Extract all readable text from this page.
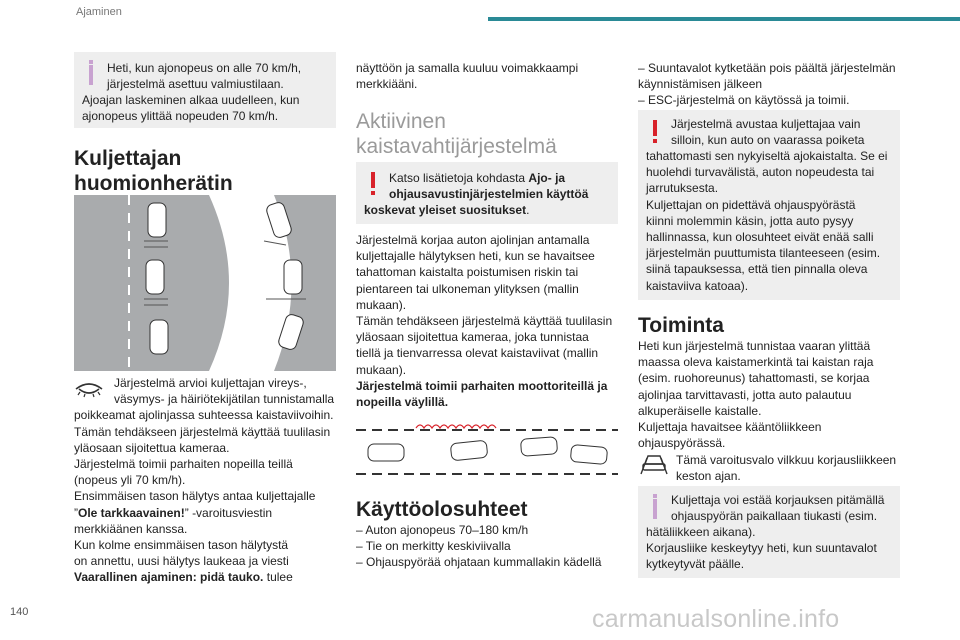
Ajaminen
Heti, kun ajonopeus on alle 70 km/h,
järjestelmä asettuu valmiustilaan.
Ajoajan laskeminen alkaa uudelleen, kun
ajonopeus ylittää nopeuden 70 km/h.
Kuljettajan huomionherätin
Järjestelmä arvioi kuljettajan vireys-,
väsymys- ja häiriötekijätilan tunnistamalla
poikkeamat ajolinjassa suhteessa kaistaviivoihin.
Tämän tehdäkseen järjestelmä käyttää tuulilasin
yläosaan sijoitettua kameraa.
Järjestelmä toimii parhaiten nopeilla teillä
(nopeus yli 70 km/h).
Ensimmäisen tason hälytys antaa kuljettajalle
”Ole tarkkaavainen!” -varoitusviestin
merkkiäänen kanssa.
Kun kolme ensimmäisen tason hälytystä
on annettu, uusi hälytys laukeaa ja viesti
Vaarallinen ajaminen: pidä tauko. tulee
näyttöön ja samalla kuuluu voimakkaampi
merkkiääni.
Aktiivinen
kaistavahtijärjestelmä
Katso lisätietoja kohdasta Ajo- ja
ohjausavustinjärjestelmien käyttöä
koskevat yleiset suositukset.
Järjestelmä korjaa auton ajolinjan antamalla
kuljettajalle hälytyksen heti, kun se havaitsee
tahattoman kaistalta poistumisen riskin tai
pientareen tai ulkoneman ylityksen (mallin
mukaan).
Tämän tehdäkseen järjestelmä käyttää tuulilasin
yläosaan sijoitettua kameraa, joka tunnistaa
tiellä ja tienvarressa olevat kaistaviivat (mallin
mukaan).
Järjestelmä toimii parhaiten moottoriteillä ja
nopeilla väylillä.
Käyttöolosuhteet
– Auton ajonopeus 70–180 km/h
– Tie on merkitty keskiviivalla
– Ohjauspyörää ohjataan kummallakin kädellä
– Suuntavalot kytketään pois päältä järjestelmän
käynnistämisen jälkeen
– ESC-järjestelmä on käytössä ja toimii.
Järjestelmä avustaa kuljettajaa vain
silloin, kun auto on vaarassa poiketa
tahattomasti sen nykyiseltä ajokaistalta. Se ei
huolehdi turvavälistä, auton nopeudesta tai
jarrutuksesta.
Kuljettajan on pidettävä ohjauspyörästä
kiinni molemmin käsin, jotta auto pysyy
hallinnassa, kun olosuhteet eivät enää salli
järjestelmän puuttumista tilanteeseen (esim.
siinä tapauksessa, että tien pinnalla oleva
kaistaviiva katoaa).
Toiminta
Heti kun järjestelmä tunnistaa vaaran ylittää
maassa oleva kaistamerkintä tai kaistan raja
(esim. ruohoreunus) tahattomasti, se korjaa
ajolinjaa tarvittavasti, jotta auto palautuu
alkuperäiselle kaistalle.
Kuljettaja havaitsee kääntöliikkeen
ohjauspyörässä.
Tämä varoitusvalo vilkkuu korjausliikkeen
keston ajan.
Kuljettaja voi estää korjauksen pitämällä
ohjauspyörän paikallaan tiukasti (esim.
hätäliikkeen aikana).
Korjausliike keskeytyy heti, kun suuntavalot
kytkeytyvät päälle.
140	carmanualsonline.info
